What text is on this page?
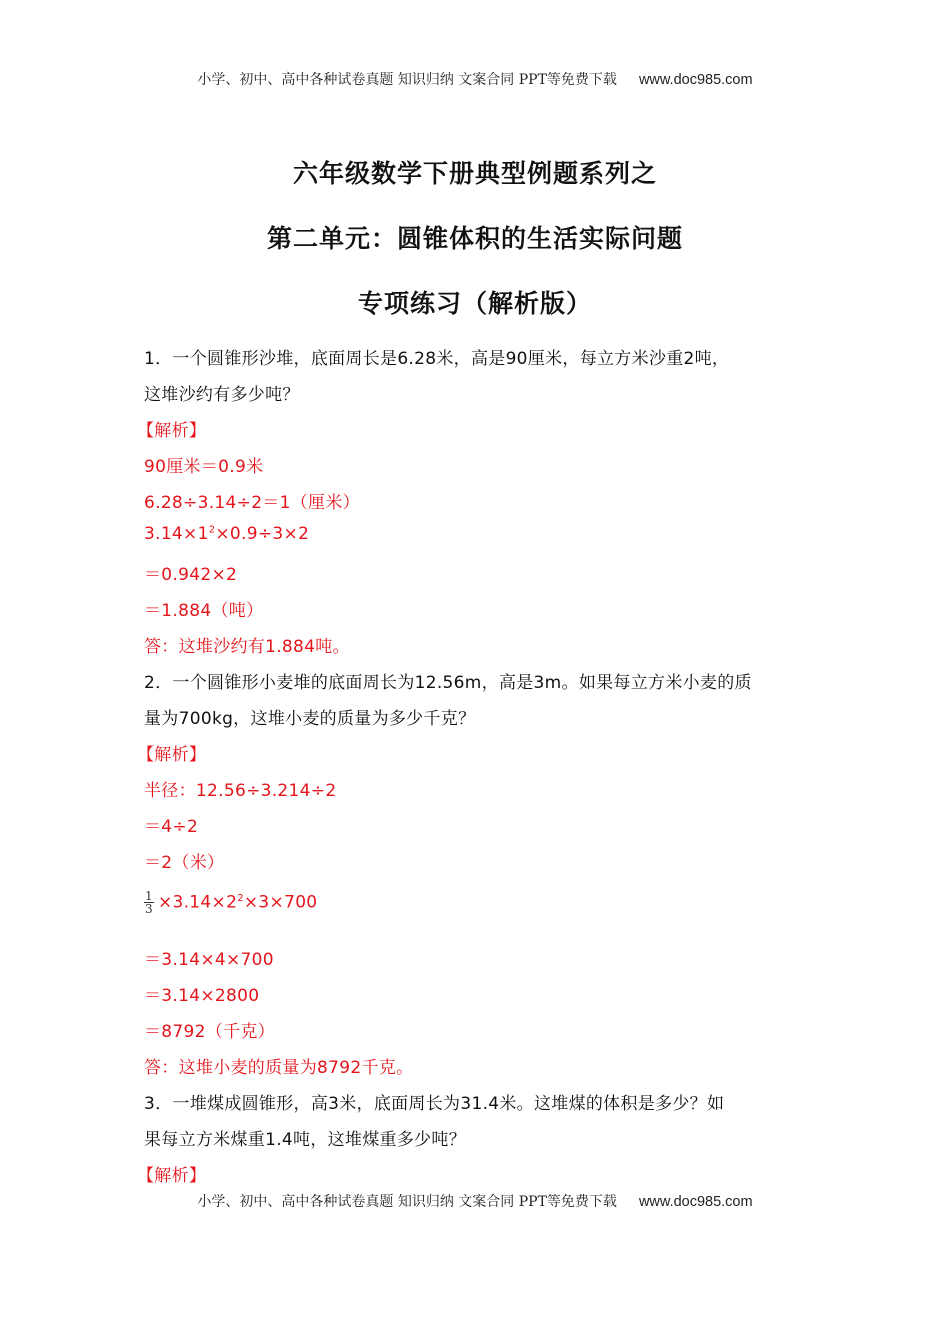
小学、初中、高中各种试卷真题 知识归纳 文案合同 PPT等免费下载 www.doc985.com
六年级数学下册典型例题系列之
第二单元：圆锥体积的生活实际问题
专项练习（解析版）
1．一个圆锥形沙堆，底面周长是6.28米，高是90厘米，每立方米沙重2吨，
这堆沙约有多少吨？
【解析】
90厘米＝0.9米
6.28÷3.14÷2＝1（厘米）
$3.14\times 1^2\times 0.9\div 3\times 2$
＝0.942×2
＝1.884（吨）
答：这堆沙约有1.884吨。
2．一个圆锥形小麦堆的底面周长为12.56m，高是3m。如果每立方米小麦的质
量为700kg，这堆小麦的质量为多少千克？
【解析】
半径：12.56÷3.214÷2
＝4÷2
＝2（米）
$\frac{1}{3} \times 3.14\times 2^2\times 3\times 700$
＝3.14×4×700
＝3.14×2800
＝8792（千克）
答：这堆小麦的质量为8792千克。
3．一堆煤成圆锥形，高3米，底面周长为31.4米。这堆煤的体积是多少？如
果每立方米煤重1.4吨，这堆煤重多少吨？
【解析】
小学、初中、高中各种试卷真题 知识归纳 文案合同 PPT等免费下载 www.doc985.com
